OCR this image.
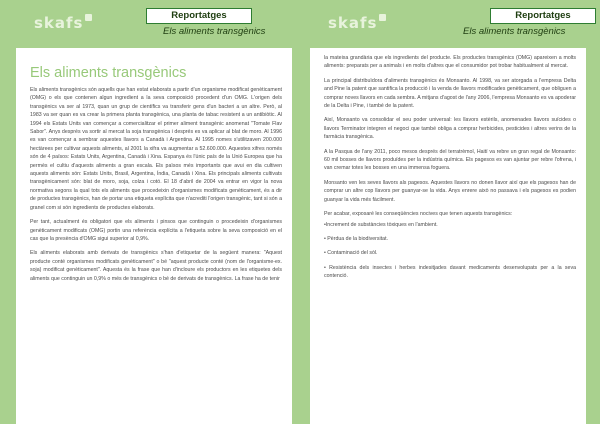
skafs	Reportatges
Els aliments transgènics
Els aliments transgènics

Els aliments transgènics són aquells que han estat elaborats a partir d'un organisme modificat genèticament (OMG) o els que contenen algun ingredient a la seva composició procedent d'un OMG. L'origen dels transgènics va ser al 1973, quan un grup de científics va transferir gens d'un bacteri a un altre. Però, al 1983 va ser quan es va crear la primera planta transgènica, una planta de tabac resistent a un antibiòtic. Al 1994 els Estats Units van començar a comercialitzar el primer aliment transgènic anomenat "Tomate Flav Sabor". Anys després va sortir al mercat la soja transgènica i després es va aplicar al blat de moro. Al 1996 es van començar a sembrar aquestes llavors a Canadà i Argentina. Al 1995 nomes s'utilitzaven 200.000 hectàrees per cultivar aquests aliments, al 2001 la xifra va augmentar a 52.600.000. Aquestes xifres només són de 4 països: Estats Units, Argentina, Canadà i Xina. Espanya és l'únic país de la Unió Europea que ha permès el cultiu d'aquests aliments a gran escala. Els països més importants que avui en dia cultiven aquests aliments són: Estats Units, Brasil, Argentina, Índia, Canadà i Xina. Els principals aliments cultivats transgènicament són: blat de moro, soja, colza i cotó. El 18 d'abril de 2004 va entrar en vigor la nova normativa segons la qual tots els aliments que procedeixin d'organismes modificats genèticament, és a dir de productes transgènics, han de portar una etiqueta explícita que n'acrediti l'origen transgènic, tant si són a granel com si són ingredients de productes elaborats.

Per tant, actualment és obligatori que els aliments i pinsos que continguin o procedeixin d'organismes genèticament modificats (OMG) portin una referència explícita a l'etiqueta sobre la seva composició en el cas que la presència d'OMG sigui superior al 0,9%.

Els aliments elaborats amb derivats de transgènics s'han d'etiquetar de la següent manera: "Aquest producte conté organismes modificats genèticament" o bé "aquest producte conté (nom de l'organisme-ex. soja) modificat genèticament". Aquesta és la frase que han d'incloure els productors en les etiquetes dels aliments que continguin un 0,9% o més de transgènics o bé de derivats de transgènics. La frase ha de tenir

skafs	Reportatges
Els aliments transgènics

la mateixa grandària que els ingredients del producte. Els productes transgènics (OMG) apareixen a molts aliments: preparats per a animals i en molts d'altres que el consumidor pot trobar habitualment al mercat.

La principal distribuïdora d'aliments transgènics és Monsanto. Al 1998, va ser atorgada a l'empresa Delta and Pine la patent que santifica la producció i la venda de llavors modificades genèticament, que obliguen a comprar noves llavors en cada sembra. A mitjans d'agost de l'any 2006, l'empresa Monsanto es va apoderar de la Delta i Pine, i també de la patent.

Així, Monsanto va consolidar el seu poder universal: les llavors estèrils, anomenades llavors suïcides o llavors Terminator integren el negoci que també obliga a comprar herbicides, pesticides i altres verins de la farmàcia transgènica.

A la Pasqua de l'any 2011, poco mesos després del terratrèmol, Haití va rebre un gran regal de Monsanto: 60 mil bosses de llavors produïdes per la indústria química. Els pagesos es van ajuntar per rebre l'ofrena, i van cremar totes les bosses en una immensa foguera.

Monsanto ven les seves llavors als pagesos. Aquestes llavors no donen llavor així que els pagesos han de comprar un altre cop llavors per guanyar-se la vida. Anys enrere això no passava i els pagesos es podien guanyar la vida més fàcilment.

Per acabar, exposaré les conseqüències nocives que tenen aquests transgènics:

•Increment de substàncies tòxiques en l'ambient.

• Pèrdua de la biodiversitat.

• Contaminació del sòl.

• Resistència dels insectes i herbes indesitjades davant medicaments desenvolupats per a la seva contenció.
